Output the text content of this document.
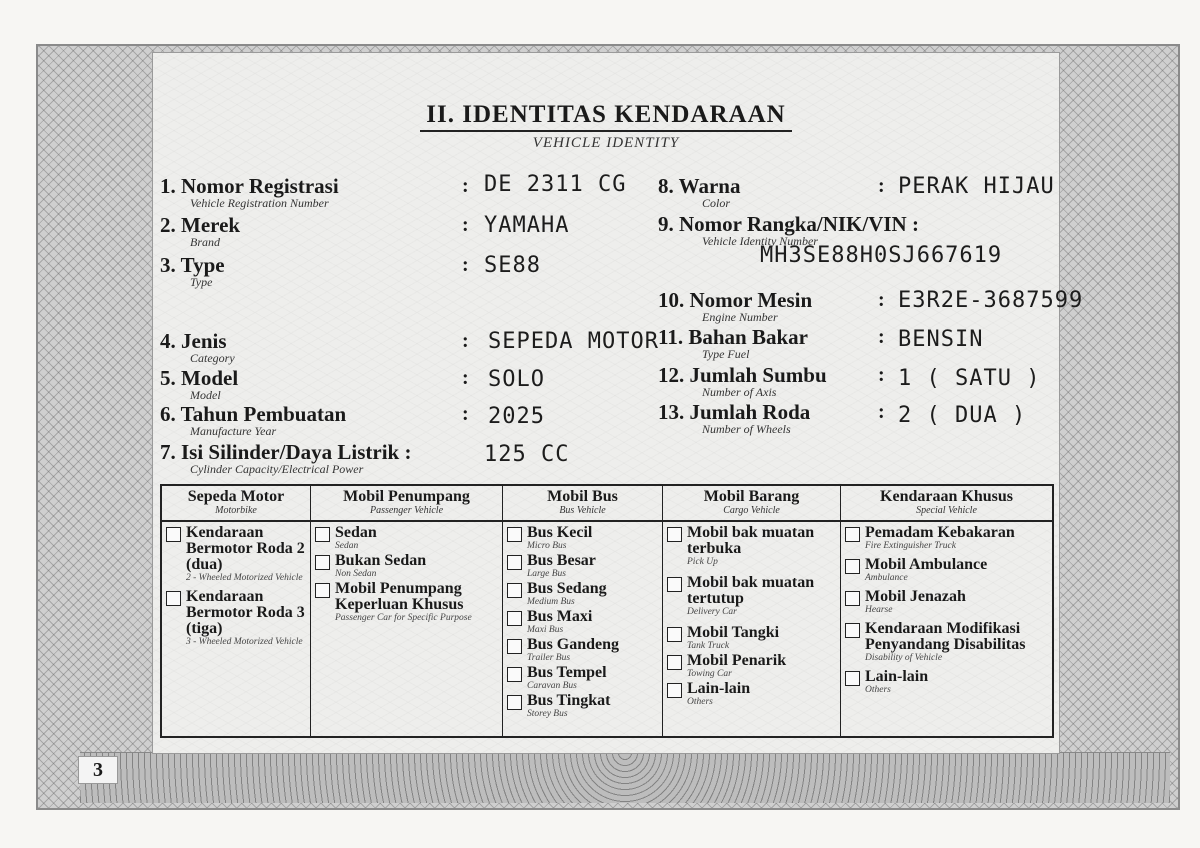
II. IDENTITAS KENDARAAN
VEHICLE IDENTITY
1. Nomor Registrasi
Vehicle Registration Number
: DE 2311 CG
2. Merek
Brand
: YAMAHA
3. Type
Type
: SE88
4. Jenis
Category
: SEPEDA MOTOR
5. Model
Model
: SOLO
6. Tahun Pembuatan
Manufacture Year
: 2025
7. Isi Silinder/Daya Listrik :
Cylinder Capacity/Electrical Power
125 CC
8. Warna
Color
: PERAK HIJAU
9. Nomor Rangka/NIK/VIN :
Vehicle Identity Number
MH3SE88H0SJ667619
10. Nomor Mesin
Engine Number
: E3R2E-3687599
11. Bahan Bakar
Type Fuel
: BENSIN
12. Jumlah Sumbu
Number of Axis
: 1 ( SATU )
13. Jumlah Roda
Number of Wheels
: 2 ( DUA )
Sepeda Motor
Motorbike
Kendaraan Bermotor Roda 2 (dua)
2 - Wheeled Motorized Vehicle
Kendaraan Bermotor Roda 3 (tiga)
3 - Wheeled Motorized Vehicle
Mobil Penumpang
Passenger Vehicle
Sedan
Sedan
Bukan Sedan
Non Sedan
Mobil Penumpang Keperluan Khusus
Passenger Car for Specific Purpose
Mobil Bus
Bus Vehicle
Bus Kecil
Micro Bus
Bus Besar
Large Bus
Bus Sedang
Medium Bus
Bus Maxi
Maxi Bus
Bus Gandeng
Trailer Bus
Bus Tempel
Caravan Bus
Bus Tingkat
Storey Bus
Mobil Barang
Cargo Vehicle
Mobil bak muatan terbuka
Pick Up
Mobil bak muatan tertutup
Delivery Car
Mobil Tangki
Tank Truck
Mobil Penarik
Towing Car
Lain-lain
Others
Kendaraan Khusus
Special Vehicle
Pemadam Kebakaran
Fire Extinguisher Truck
Mobil Ambulance
Ambulance
Mobil Jenazah
Hearse
Kendaraan Modifikasi Penyandang Disabilitas
Disability of Vehicle
Lain-lain
Others
3
